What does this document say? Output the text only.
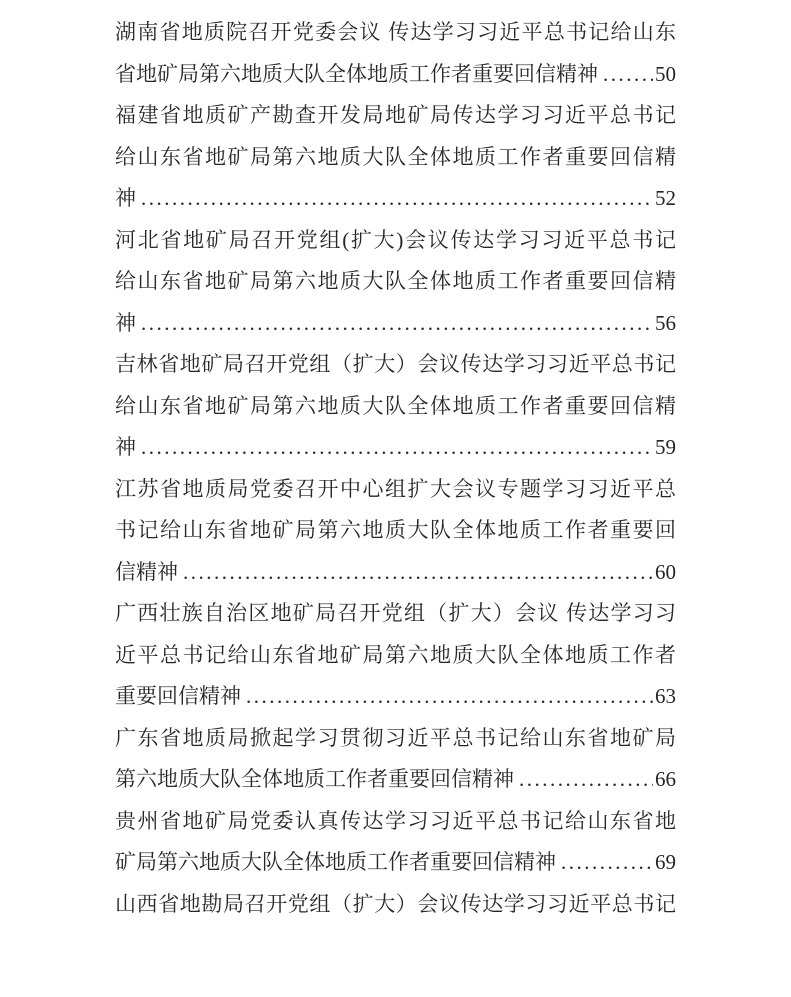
湖南省地质院召开党委会议 传达学习习近平总书记给山东
省地矿局第六地质大队全体地质工作者重要回信精神 .....	50
福建省地质矿产勘查开发局地矿局传达学习习近平总书记
给山东省地矿局第六地质大队全体地质工作者重要回信精
神 .....	52
河北省地矿局召开党组(扩大)会议传达学习习近平总书记
给山东省地矿局第六地质大队全体地质工作者重要回信精
神 .....	56
吉林省地矿局召开党组（扩大）会议传达学习习近平总书记
给山东省地矿局第六地质大队全体地质工作者重要回信精
神 .....	59
江苏省地质局党委召开中心组扩大会议专题学习习近平总
书记给山东省地矿局第六地质大队全体地质工作者重要回
信精神 .....	60
广西壮族自治区地矿局召开党组（扩大）会议 传达学习习
近平总书记给山东省地矿局第六地质大队全体地质工作者
重要回信精神 .....	63
广东省地质局掀起学习贯彻习近平总书记给山东省地矿局
第六地质大队全体地质工作者重要回信精神 .....	66
贵州省地矿局党委认真传达学习习近平总书记给山东省地
矿局第六地质大队全体地质工作者重要回信精神 .....	69
山西省地勘局召开党组（扩大）会议传达学习习近平总书记
